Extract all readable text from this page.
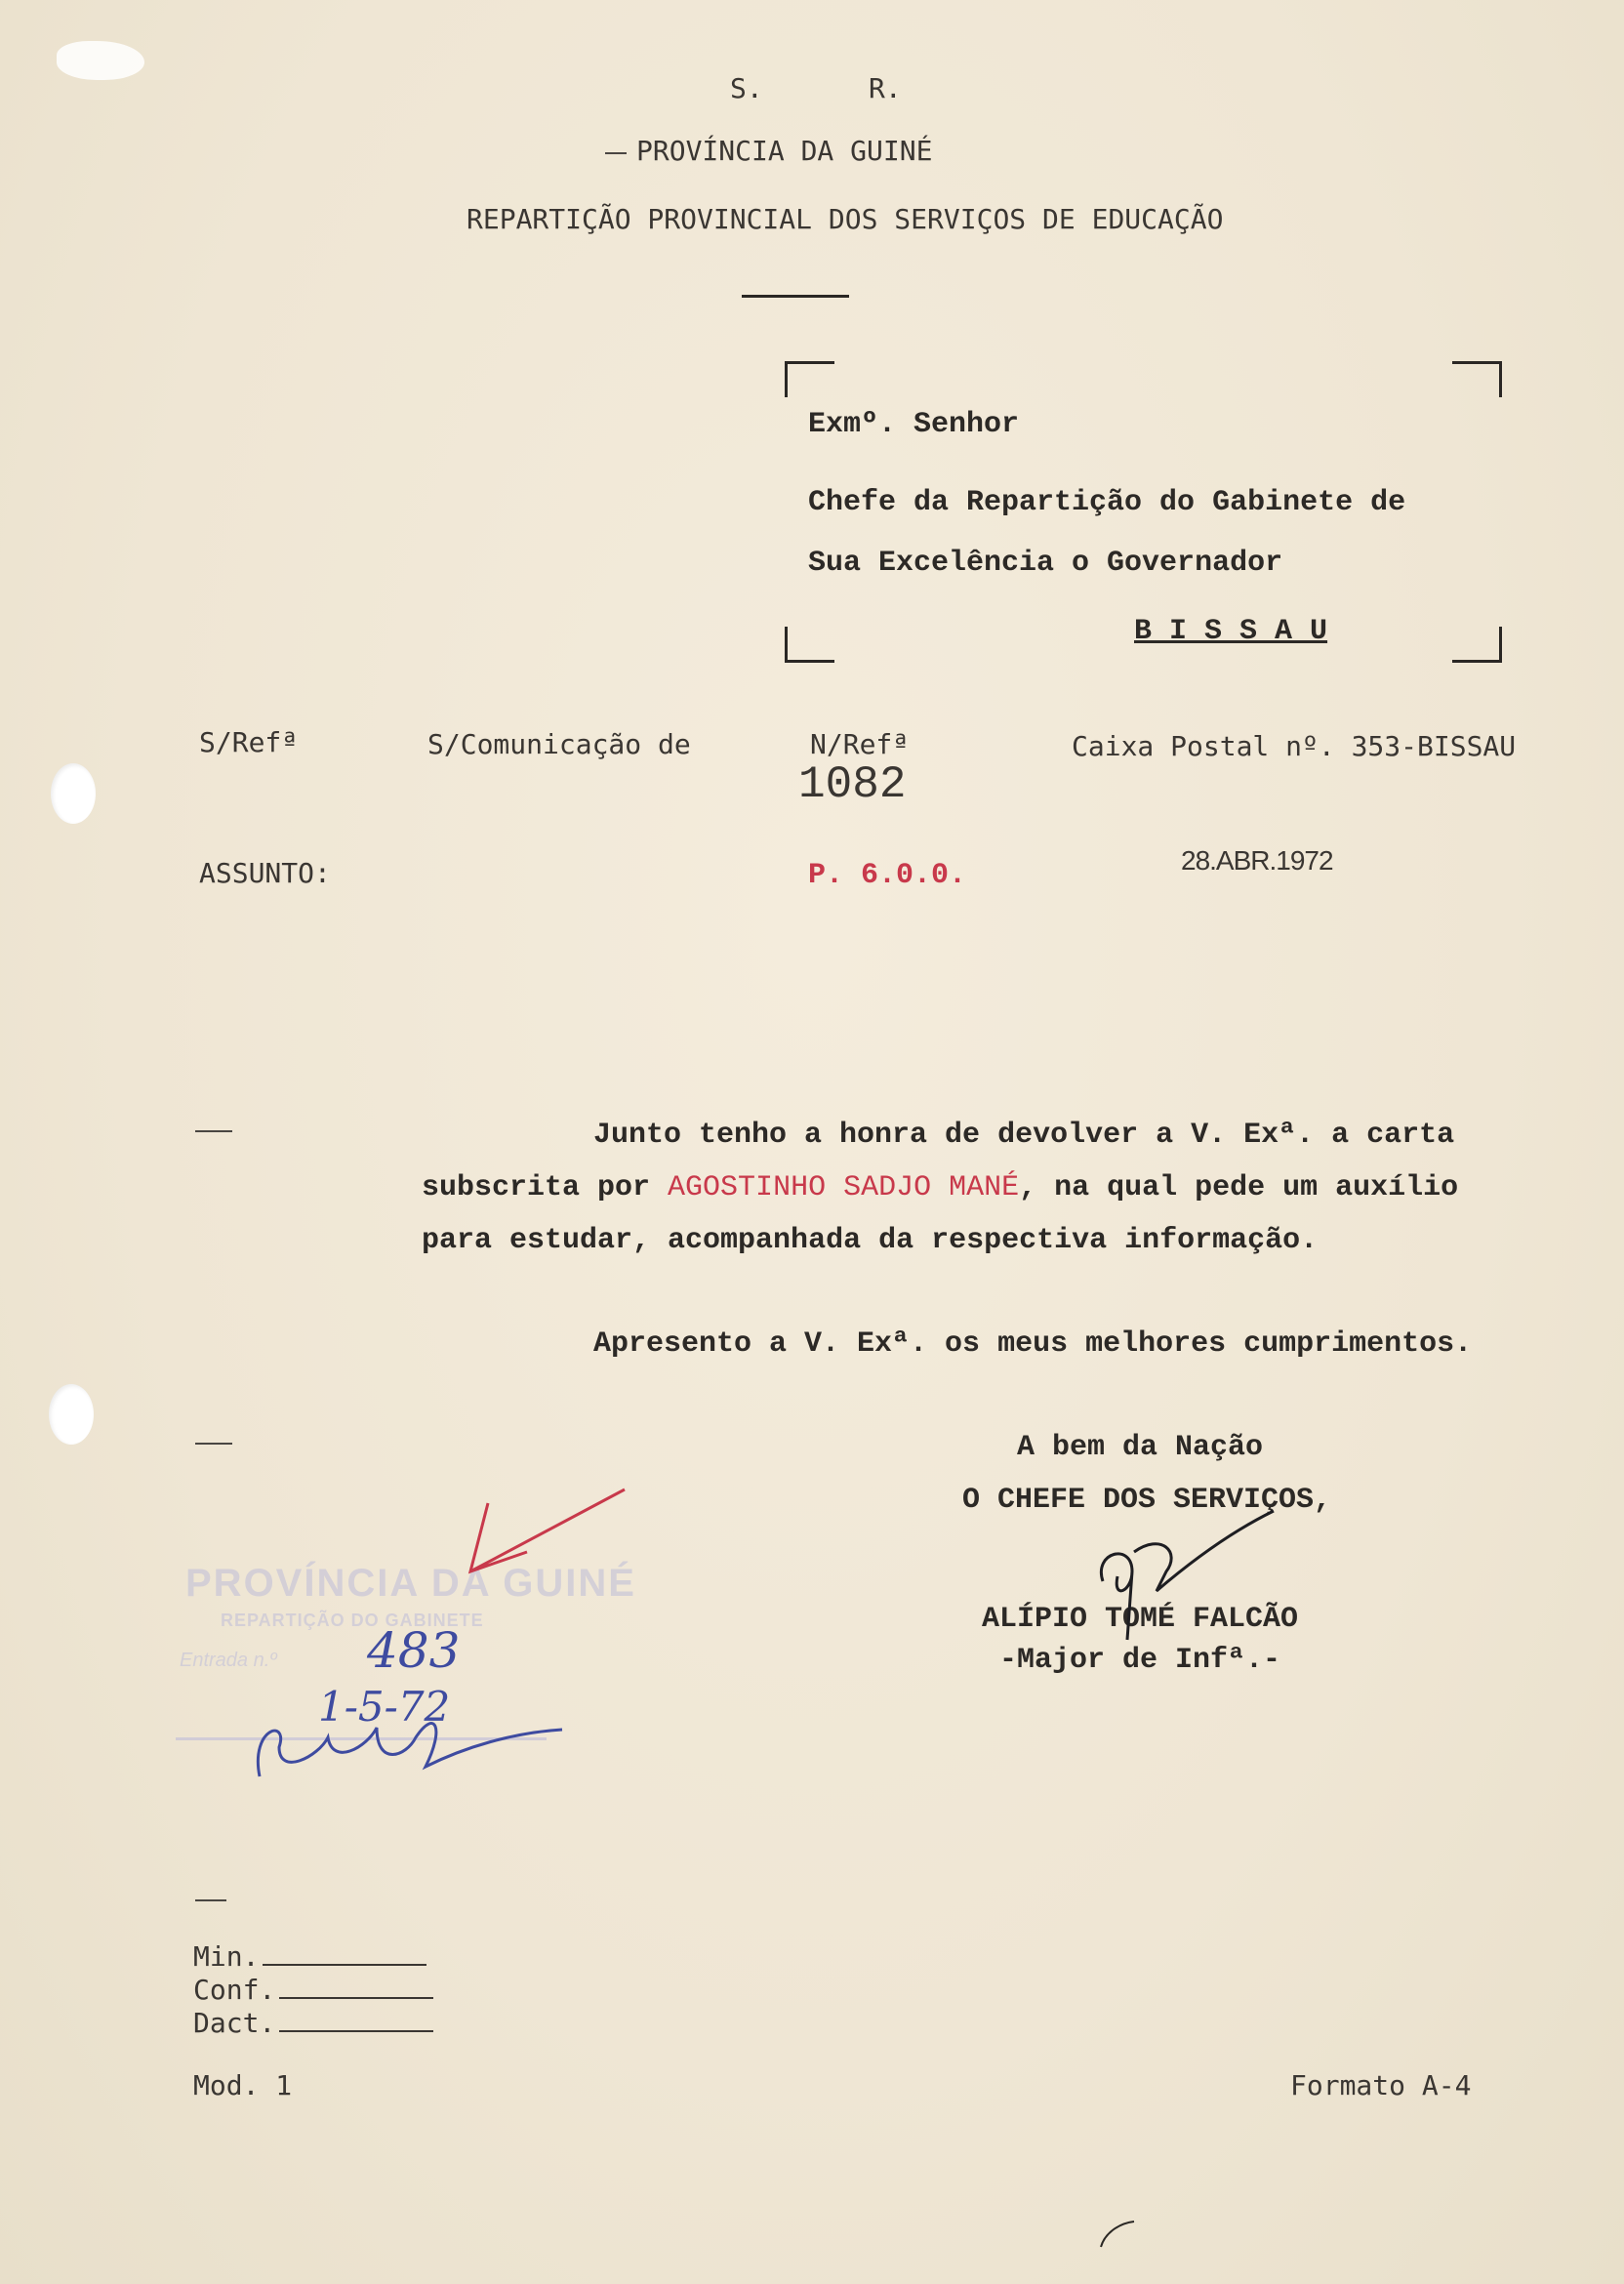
S.	R.
PROVÍNCIA DA GUINÉ
REPARTIÇÃO PROVINCIAL DOS SERVIÇOS DE EDUCAÇÃO
Exmº. Senhor
Chefe da Repartição do Gabinete de
Sua Excelência o Governador
B I S S A U
S/Refª	S/Comunicação de	N/Refª
1082
Caixa Postal nº. 353-BISSAU
ASSUNTO:	P. 6.0.0.	28.ABR.1972
Junto tenho a honra de devolver a V. Exª. a carta
subscrita por AGOSTINHO SADJO MANÉ, na qual pede um auxílio
para estudar, acompanhada da respectiva informação.
Apresento a V. Exª. os meus melhores cumprimentos.
A bem da Nação
O CHEFE DOS SERVIÇOS,
ALÍPIO TOMÉ FALCÃO
-Major de Infª.-
PROVÍNCIA DA GUINÉ
REPARTIÇÃO DO GABINETE
Entrada n.º 483
1-5-72
Min.
Conf.
Dact.
Mod. 1	Formato A-4
